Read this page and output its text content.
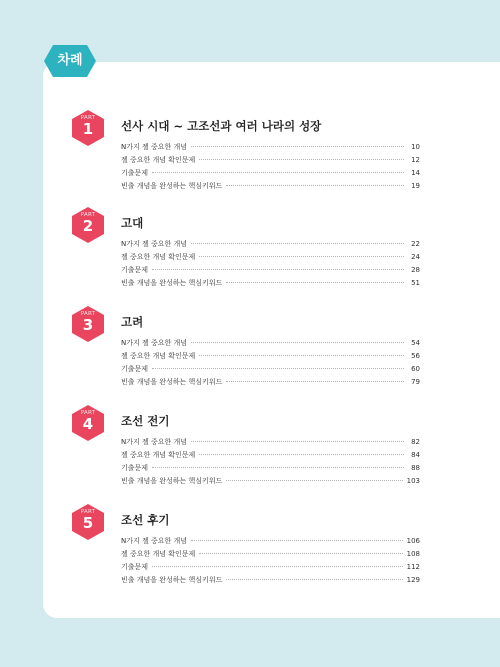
차례
PART
1	선사 시대 ~ 고조선과 여러 나라의 성장
N가지 젤 중요한 개념	10
젤 중요한 개념 확인문제	12
기출문제	14
빈출 개념을 완성하는 핵심키워드	19
PART
2	고대
N가지 젤 중요한 개념	22
젤 중요한 개념 확인문제	24
기출문제	28
빈출 개념을 완성하는 핵심키워드	51
PART
3	고려
N가지 젤 중요한 개념	54
젤 중요한 개념 확인문제	56
기출문제	60
빈출 개념을 완성하는 핵심키워드	79
PART
4	조선 전기
N가지 젤 중요한 개념	82
젤 중요한 개념 확인문제	84
기출문제	88
빈출 개념을 완성하는 핵심키워드	103
PART
5	조선 후기
N가지 젤 중요한 개념	106
젤 중요한 개념 확인문제	108
기출문제	112
빈출 개념을 완성하는 핵심키워드	129
